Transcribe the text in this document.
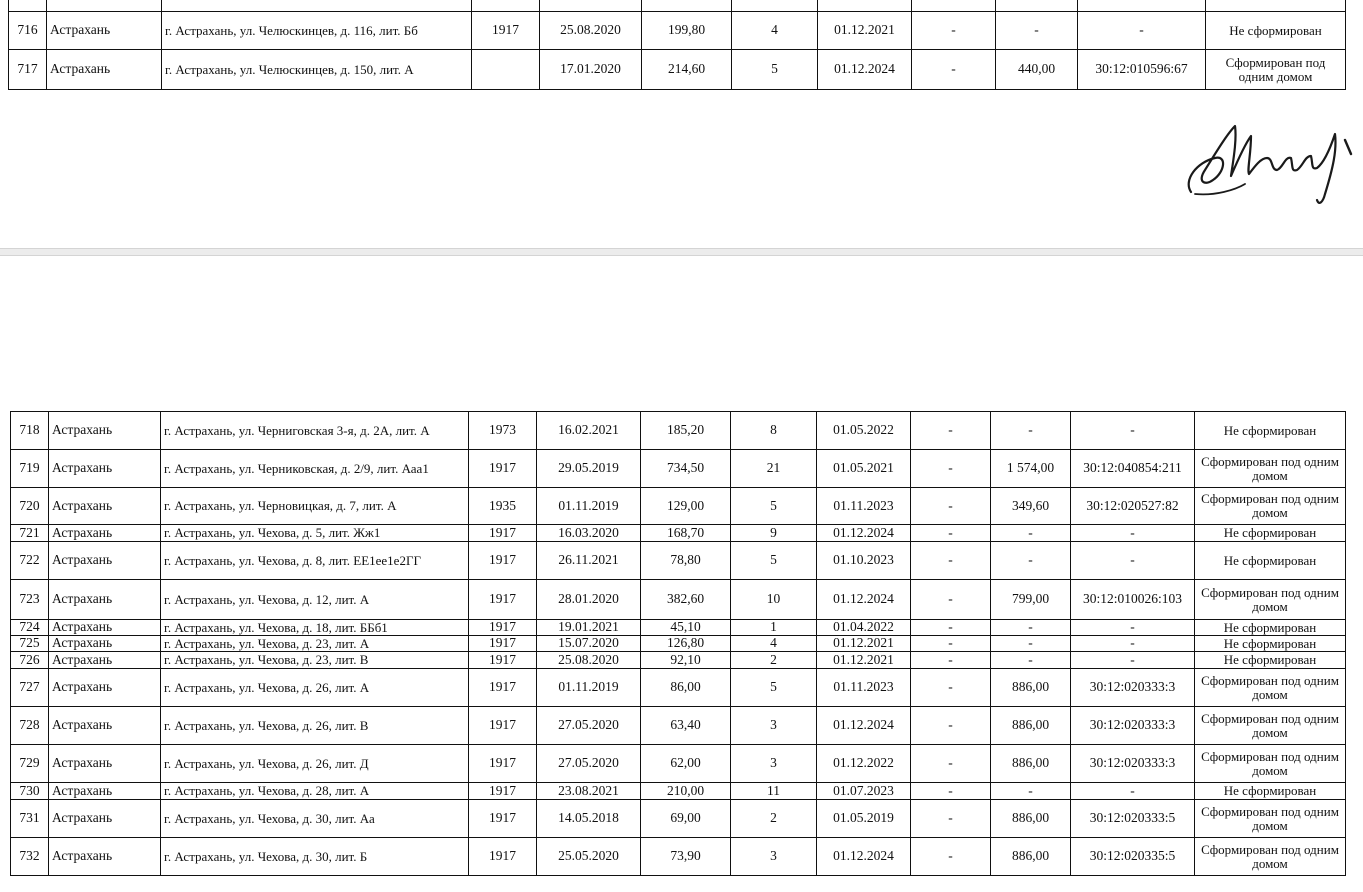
716	Астрахань	г. Астрахань, ул. Челюскинцев, д. 116, лит. Бб	1917	25.08.2020	199,80	4	01.12.2021	-	-	-	Не сформирован
717	Астрахань	г. Астрахань, ул. Челюскинцев, д. 150, лит. А		17.01.2020	214,60	5	01.12.2024	-	440,00	30:12:010596:67	Сформирован под одним домом
718	Астрахань	г. Астрахань, ул. Черниговская 3-я, д. 2А, лит. А	1973	16.02.2021	185,20	8	01.05.2022	-	-	-	Не сформирован
719	Астрахань	г. Астрахань, ул. Черниковская, д. 2/9, лит. Ааа1	1917	29.05.2019	734,50	21	01.05.2021	-	1 574,00	30:12:040854:211	Сформирован под одним домом
720	Астрахань	г. Астрахань, ул. Черновицкая, д. 7, лит. А	1935	01.11.2019	129,00	5	01.11.2023	-	349,60	30:12:020527:82	Сформирован под одним домом
721	Астрахань	г. Астрахань, ул. Чехова, д. 5, лит. Жж1	1917	16.03.2020	168,70	9	01.12.2024	-	-	-	Не сформирован
722	Астрахань	г. Астрахань, ул. Чехова, д. 8, лит. ЕЕ1ее1е2ГГ	1917	26.11.2021	78,80	5	01.10.2023	-	-	-	Не сформирован
723	Астрахань	г. Астрахань, ул. Чехова, д. 12, лит. А	1917	28.01.2020	382,60	10	01.12.2024	-	799,00	30:12:010026:103	Сформирован под одним домом
724	Астрахань	г. Астрахань, ул. Чехова, д. 18, лит. ББб1	1917	19.01.2021	45,10	1	01.04.2022	-	-	-	Не сформирован
725	Астрахань	г. Астрахань, ул. Чехова, д. 23, лит. А	1917	15.07.2020	126,80	4	01.12.2021	-	-	-	Не сформирован
726	Астрахань	г. Астрахань, ул. Чехова, д. 23, лит. В	1917	25.08.2020	92,10	2	01.12.2021	-	-	-	Не сформирован
727	Астрахань	г. Астрахань, ул. Чехова, д. 26, лит. А	1917	01.11.2019	86,00	5	01.11.2023	-	886,00	30:12:020333:3	Сформирован под одним домом
728	Астрахань	г. Астрахань, ул. Чехова, д. 26, лит. В	1917	27.05.2020	63,40	3	01.12.2024	-	886,00	30:12:020333:3	Сформирован под одним домом
729	Астрахань	г. Астрахань, ул. Чехова, д. 26, лит. Д	1917	27.05.2020	62,00	3	01.12.2022	-	886,00	30:12:020333:3	Сформирован под одним домом
730	Астрахань	г. Астрахань, ул. Чехова, д. 28, лит. А	1917	23.08.2021	210,00	11	01.07.2023	-	-	-	Не сформирован
731	Астрахань	г. Астрахань, ул. Чехова, д. 30, лит. Аа	1917	14.05.2018	69,00	2	01.05.2019	-	886,00	30:12:020333:5	Сформирован под одним домом
732	Астрахань	г. Астрахань, ул. Чехова, д. 30, лит. Б	1917	25.05.2020	73,90	3	01.12.2024	-	886,00	30:12:020335:5	Сформирован под одним домом
